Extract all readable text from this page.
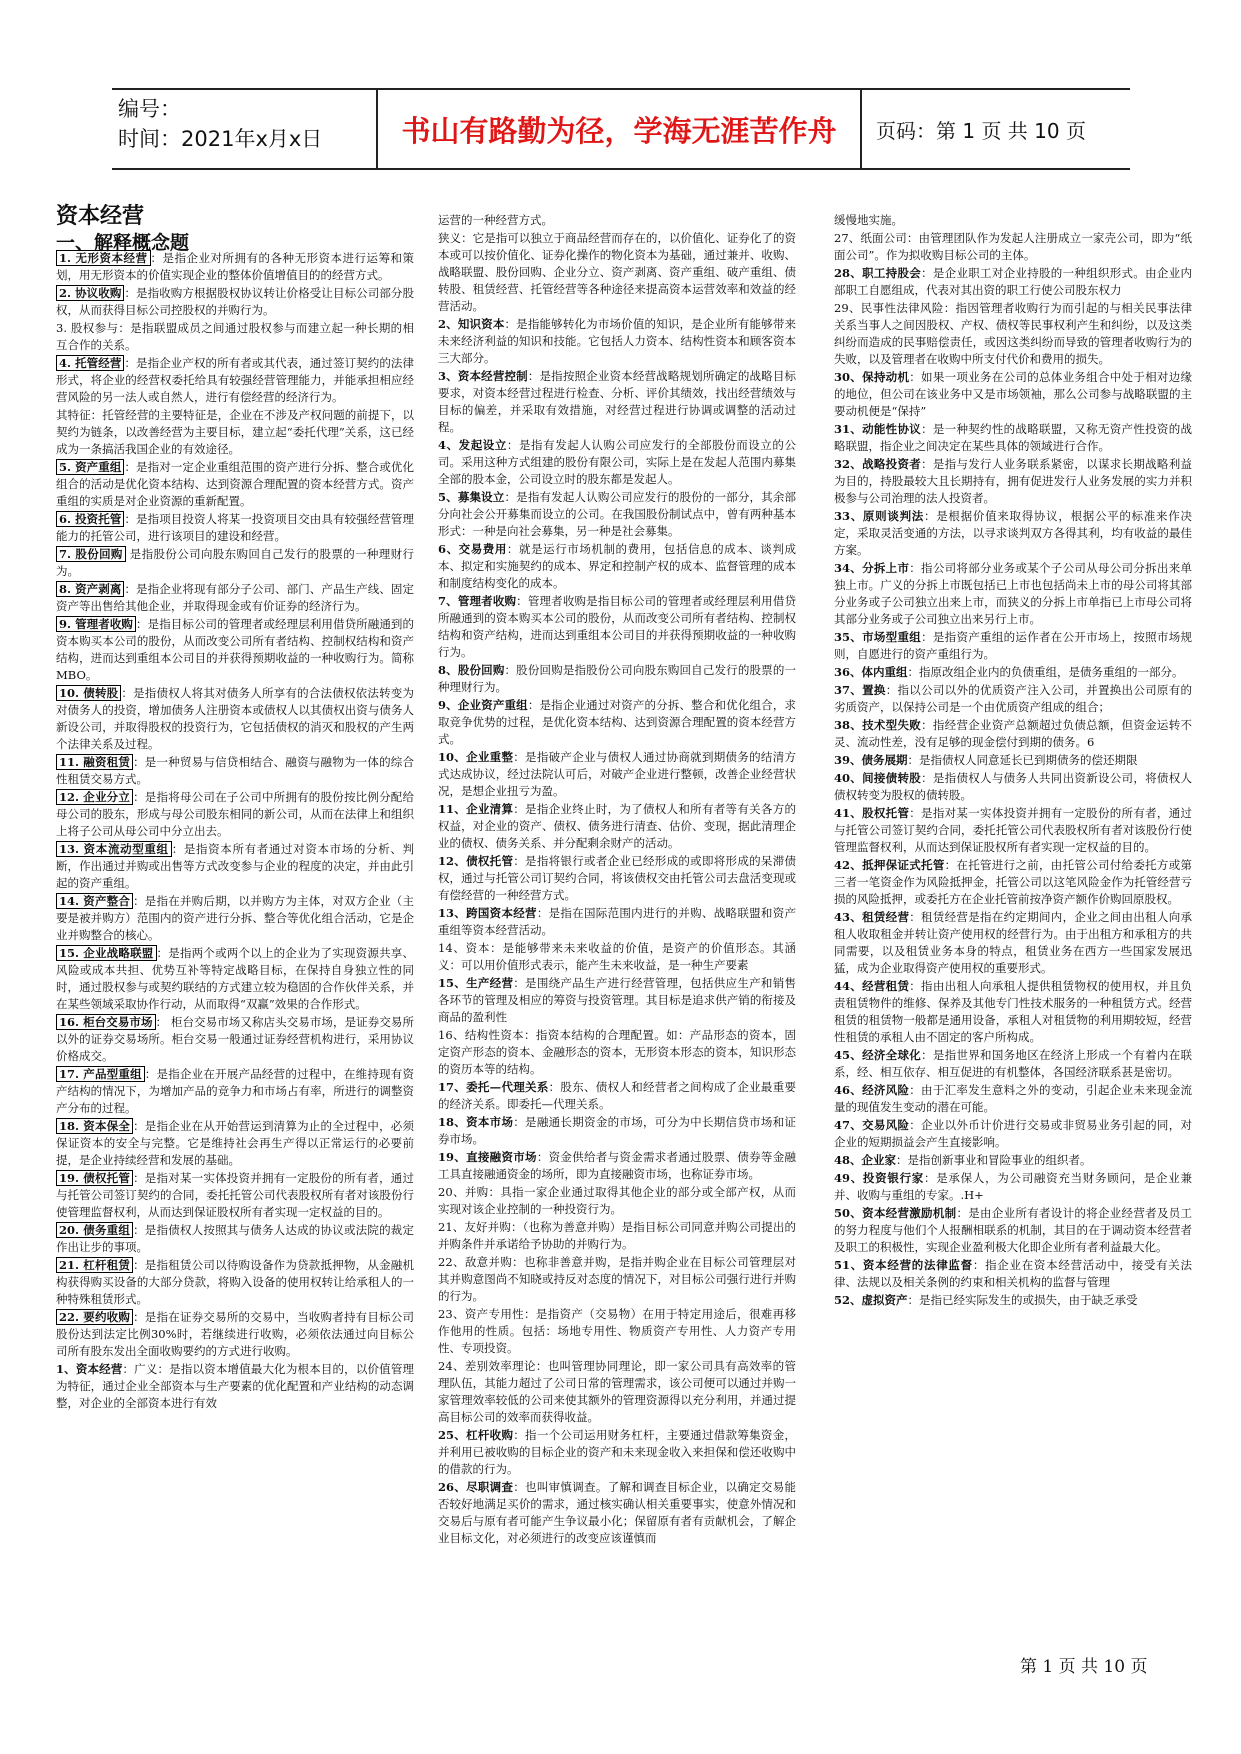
编号：
时间：2021年x月x日	书山有路勤为径，学海无涯苦作舟	页码：第 1 页 共 10 页
资本经营
一、解释概念题
1. 无形资本经营 ：是指企业对所拥有的各种无形资本进行运筹和策划，用无形资本的价值实现企业的整体价值增值目的的经营方式。
2. 协议收购 ：是指收购方根据股权协议转让价格受让目标公司部分股权，从而获得目标公司控股权的并购行为。
3. 股权参与：是指联盟成员之间通过股权参与而建立起一种长期的相互合作的关系。
4. 托管经营 ：是指企业产权的所有者或其代表，通过签订契约的法律形式，将企业的经营权委托给具有较强经营管理能力，并能承担相应经营风险的另一法人或自然人，进行有偿经营的经济行为。
其特征：托管经营的主要特征是，企业在不涉及产权问题的前提下，以契约为链条，以改善经营为主要目标，建立起“委托代理”关系，这已经成为一条搞活我国企业的有效途径。
5. 资产重组 ：是指对一定企业重组范围的资产进行分拆、整合或优化组合的活动是优化资本结构、达到资源合理配置的资本经营方式。资产重组的实质是对企业资源的重新配置。
6. 投资托管 ：是指项目投资人将某一投资项目交由具有较强经营管理能力的托管公司，进行该项目的建设和经营。
7. 股份回购 是指股份公司向股东购回自己发行的股票的一种理财行为。
8. 资产剥离 ：是指企业将现有部分子公司、部门、产品生产线、固定资产等出售给其他企业，并取得现金或有价证券的经济行为。
9. 管理者收购 ：是指目标公司的管理者或经理层利用借贷所融通到的资本购买本公司的股份，从而改变公司所有者结构、控制权结构和资产结构，进而达到重组本公司目的并获得预期收益的一种收购行为。简称MBO。
10. 债转股 ：是指债权人将其对债务人所享有的合法债权依法转变为对债务人的投资，增加债务人注册资本或债权人以其债权出资与债务人新设公司，并取得股权的投资行为，它包括债权的消灭和股权的产生两个法律关系及过程。
11. 融资租赁 ：是一种贸易与信贷相结合、融资与融物为一体的综合性租赁交易方式。
12. 企业分立 ：是指将母公司在子公司中所拥有的股份按比例分配给母公司的股东，形成与母公司股东相同的新公司，从而在法律上和组织上将子公司从母公司中分立出去。
13. 资本流动型重组 ：是指资本所有者通过对资本市场的分析、判断，作出通过并购或出售等方式改变参与企业的程度的决定，并由此引起的资产重组。
14. 资产整合 ：是指在并购后期，以并购方为主体，对双方企业（主要是被并购方）范围内的资产进行分拆、整合等优化组合活动，它是企业并购整合的核心。
15. 企业战略联盟 ：是指两个或两个以上的企业为了实现资源共享、风险或成本共担、优势互补等特定战略目标，在保持自身独立性的同时，通过股权参与或契约联结的方式建立较为稳固的合作伙伴关系，并在某些领域采取协作行动，从而取得“双赢”效果的合作形式。
16. 柜台交易市场 ： 柜台交易市场又称店头交易市场，是证券交易所以外的证券交易场所。柜台交易一般通过证券经营机构进行，采用协议价格成交。
17. 产品型重组 ：是指企业在开展产品经营的过程中，在维持现有资产结构的情况下，为增加产品的竞争力和市场占有率，所进行的调整资产分布的过程。
18. 资本保全 ：是指企业在从开始营运到清算为止的全过程中，必须保证资本的安全与完整。它是维持社会再生产得以正常运行的必要前提，是企业持续经营和发展的基础。
19. 债权托管 ：是指对某一实体投资并拥有一定股份的所有者，通过与托管公司签订契约的合同，委托托管公司代表股权所有者对该股份行使管理监督权利，从而达到保证股权所有者实现一定权益的目的。
20. 债务重组 ：是指债权人按照其与债务人达成的协议或法院的裁定作出让步的事项。
21. 杠杆租赁 ：是指租赁公司以待购设备作为贷款抵押物，从金融机构获得购买设备的大部分贷款，将购入设备的使用权转让给承租人的一种特殊租赁形式。
22. 要约收购 ：是指在证券交易所的交易中，当收购者持有目标公司股份达到法定比例30%时，若继续进行收购，必须依法通过向目标公司所有股东发出全面收购要约的方式进行收购。
1、资本经营：广义：是指以资本增值最大化为根本目的，以价值管理为特征，通过企业全部资本与生产要素的优化配置和产业结构的动态调整，对企业的全部资本进行有效
运营的一种经营方式。
狭义：它是指可以独立于商品经营而存在的，以价值化、证券化了的资本或可以按价值化、证券化操作的物化资本为基础，通过兼并、收购、战略联盟、股份回购、企业分立、资产剥离、资产重组、破产重组、债转股、租赁经营、托管经营等各种途径来提高资本运营效率和效益的经营活动。
2、知识资本：是指能够转化为市场价值的知识，是企业所有能够带来未来经济利益的知识和技能。它包括人力资本、结构性资本和顾客资本三大部分。
3、资本经营控制：是指按照企业资本经营战略规划所确定的战略目标要求，对资本经营过程进行检查、分析、评价其绩效，找出经营绩效与目标的偏差，并采取有效措施，对经营过程进行协调或调整的活动过程。
4、发起设立：是指有发起人认购公司应发行的全部股份而设立的公司。采用这种方式组建的股份有限公司，实际上是在发起人范围内募集全部的股本金，公司设立时的股东都是发起人。
5、募集设立：是指有发起人认购公司应发行的股份的一部分，其余部分向社会公开募集而设立的公司。在我国股份制试点中，曾有两种基本形式：一种是向社会募集，另一种是社会募集。
6、交易费用：就是运行市场机制的费用，包括信息的成本、谈判成本、拟定和实施契约的成本、界定和控制产权的成本、监督管理的成本和制度结构变化的成本。
7、管理者收购：管理者收购是指目标公司的管理者或经理层利用借贷所融通到的资本购买本公司的股份，从而改变公司所有者结构、控制权结构和资产结构，进而达到重组本公司目的并获得预期收益的一种收购行为。
8、股份回购：股份回购是指股份公司向股东购回自己发行的股票的一种理财行为。
9、企业资产重组：是指企业通过对资产的分拆、整合和优化组合，求取竞争优势的过程，是优化资本结构、达到资源合理配置的资本经营方式。
10、企业重整：是指破产企业与债权人通过协商就到期债务的结清方式达成协议，经过法院认可后，对破产企业进行整顿，改善企业经营状况，是想企业扭亏为盈。
11、企业清算：是指企业终止时，为了债权人和所有者等有关各方的权益，对企业的资产、债权、债务进行清查、估价、变现，据此清理企业的债权、债务关系、并分配剩余财产的活动。
12、债权托管：是指将银行或者企业已经形成的或即将形成的呆滞债权，通过与托管公司订契约合同，将该债权交由托管公司去盘活变现或有偿经营的一种经营方式。
13、跨国资本经营：是指在国际范围内进行的并购、战略联盟和资产重组等资本经营活动。
14、资本：是能够带来未来收益的价值，是资产的价值形态。其涵义：可以用价值形式表示，能产生未来收益，是一种生产要素
15、生产经营：是围绕产品生产进行经营管理，包括供应生产和销售各环节的管理及相应的筹资与投资管理。其目标是追求供产销的衔接及商品的盈利性
16、结构性资本：指资本结构的合理配置。如：产品形态的资本，固定资产形态的资本、金融形态的资本，无形资本形态的资本，知识形态的资历本等的结构。
17、委托—代理关系：股东、债权人和经营者之间构成了企业最重要的经济关系。即委托—代理关系。
18、资本市场：是融通长期资金的市场，可分为中长期信贷市场和证券市场。
19、直接融资市场：资金供给者与资金需求者通过股票、债券等金融工具直接融通资金的场所，即为直接融资市场，也称证券市场。
20、并购：具指一家企业通过取得其他企业的部分或全部产权，从而实现对该企业控制的一种投资行为。
21、友好并购：（也称为善意并购）是指目标公司同意并购公司提出的并购条件并承诺给予协助的并购行为。
22、敌意并购：也称非善意并购，是指并购企业在目标公司管理层对其并购意图尚不知晓或持反对态度的情况下，对目标公司强行进行并购的行为。
23、资产专用性：是指资产（交易物）在用于特定用途后，很难再移作他用的性质。包括：场地专用性、物质资产专用性、人力资产专用性、专项投资。
24、差别效率理论：也叫管理协同理论，即一家公司具有高效率的管理队伍，其能力超过了公司日常的管理需求，该公司便可以通过并购一家管理效率较低的公司来使其额外的管理资源得以充分利用，并通过提高目标公司的效率而获得收益。
25、杠杆收购：指一个公司运用财务杠杆，主要通过借款筹集资金，并利用已被收购的目标企业的资产和未来现金收入来担保和偿还收购中的借款的行为。
26、尽职调查：也叫审慎调查。了解和调查目标企业，以确定交易能否较好地满足买价的需求，通过核实确认相关重要事实，使意外情况和交易后与原有者可能产生争议最小化；保留原有者有贡献机会，了解企业目标文化，对必须进行的改变应该谨慎而
缓慢地实施。
27、纸面公司：由管理团队作为发起人注册成立一家壳公司，即为“纸面公司”。作为拟收购目标公司的主体。
28、职工持股会：是企业职工对企业持股的一种组织形式。由企业内部职工自愿组成，代表对其出资的职工行使公司股东权力
29、民事性法律风险：指因管理者收购行为而引起的与相关民事法律关系当事人之间因股权、产权、债权等民事权利产生和纠纷，以及这类纠纷而造成的民事赔偿责任，或因这类纠纷而导致的管理者收购行为的失败，以及管理者在收购中所支付代价和费用的损失。
30、保持动机：如果一项业务在公司的总体业务组合中处于相对边缘的地位，但公司在该业务中又是市场领袖，那么公司参与战略联盟的主要动机便是“保持”
31、动能性协议：是一种契约性的战略联盟，又称无资产性投资的战略联盟，指企业之间决定在某些具体的领域进行合作。
32、战略投资者：是指与发行人业务联系紧密，以谋求长期战略利益为目的，持股最较大且长期持有，拥有促进发行人业务发展的实力并积极参与公司治理的法人投资者。
33、原则谈判法：是根据价值来取得协议，根据公平的标准来作决定，采取灵活变通的方法，以寻求谈判双方各得其利，均有收益的最佳方案。
34、分拆上市：指公司将部分业务或某个子公司从母公司分拆出来单独上市。广义的分拆上市既包括已上市也包括尚未上市的母公司将其部分业务或子公司独立出来上市，而狭义的分拆上市单指已上市母公司将其部分业务或子公司独立出来另行上市。
35、市场型重组：是指资产重组的运作者在公开市场上，按照市场规则，自愿进行的资产重组行为。
36、体内重组：指原改组企业内的负债重组，是债务重组的一部分。
37、置换：指以公司以外的优质资产注入公司，并置换出公司原有的劣质资产，以保持公司是一个由优质资产组成的组合；
38、技术型失败：指经营企业资产总额超过负债总额，但资金运转不灵、流动性差，没有足够的现金偿付到期的债务。6
39、债务展期：是指债权人同意延长已到期债务的偿还期限
40、间接债转股：是指债权人与债务人共同出资新设公司，将债权人债权转变为股权的债转股。
41、股权托管：是指对某一实体投资并拥有一定股份的所有者，通过与托管公司签订契约合同，委托托管公司代表股权所有者对该股份行使管理监督权利，从而达到保证股权所有者实现一定权益的目的。
42、抵押保证式托管：在托管进行之前，由托管公司付给委托方或第三者一笔资金作为风险抵押金，托管公司以这笔风险金作为托管经营亏损的风险抵押，或委托方在企业托管前按净资产额作价购回原股权。
43、租赁经营：租赁经营是指在约定期间内，企业之间由出租人向承租人收取租金并转让资产使用权的经营行为。由于出租方和承租方的共同需要，以及租赁业务本身的特点，租赁业务在西方一些国家发展迅猛，成为企业取得资产使用权的重要形式。
44、经营租赁：指由出租人向承租人提供租赁物权的使用权，并且负责租赁物件的维修、保养及其他专门性技术服务的一种租赁方式。经营租赁的租赁物一般都是通用设备，承租人对租赁物的利用期较短，经营性租赁的承租人由不固定的客户所构成。
45、经济全球化：是指世界和国务地区在经济上形成一个有着内在联系，经、相互依存、相互促进的有机整体，各国经济联系甚是密切。
46、经济风险：由于汇率发生意料之外的变动，引起企业未来现金流量的现值发生变动的潜在可能。
47、交易风险：企业以外币计价进行交易或非贸易业务引起的同，对企业的短期损益会产生直接影响。
48、企业家：是指创新事业和冒险事业的组织者。
49、投资银行家：是承保人，为公司融资充当财务顾问，是企业兼并、收购与重组的专家。.H+
50、资本经营激励机制：是由企业所有者设计的将企业经营者及员工的努力程度与他们个人报酬相联系的机制，其目的在于调动资本经营者及职工的积极性，实现企业盈利极大化即企业所有者利益最大化。
51、资本经营的法律监督：指企业在资本经营活动中，接受有关法律、法规以及相关条例的约束和相关机构的监督与管理
52、虚拟资产：是指已经实际发生的或损失，由于缺乏承受
第 1 页 共 10 页
